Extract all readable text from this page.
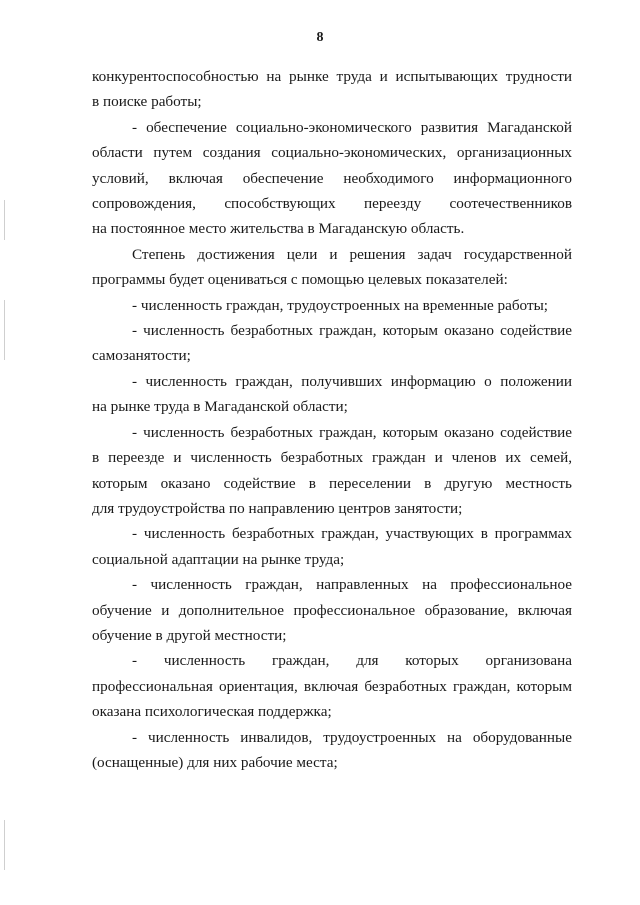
8

конкурентоспособностью на рынке труда и испытывающих трудности
в поиске работы;

- обеспечение социально-экономического развития Магаданской
области путем создания социально-экономических, организационных
условий, включая обеспечение необходимого информационного
сопровождения, способствующих переезду соотечественников
на постоянное место жительства в Магаданскую область.

Степень достижения цели и решения задач государственной
программы будет оцениваться с помощью целевых показателей:

- численность граждан, трудоустроенных на временные работы;

- численность безработных граждан, которым оказано содействие
самозанятости;

- численность граждан, получивших информацию о положении
на рынке труда в Магаданской области;

- численность безработных граждан, которым оказано содействие
в переезде и численность безработных граждан и членов их семей,
которым оказано содействие в переселении в другую местность
для трудоустройства по направлению центров занятости;

- численность безработных граждан, участвующих в программах
социальной адаптации на рынке труда;

- численность граждан, направленных на профессиональное
обучение и дополнительное профессиональное образование, включая
обучение в другой местности;

- численность граждан, для которых организована
профессиональная ориентация, включая безработных граждан, которым
оказана психологическая поддержка;

- численность инвалидов, трудоустроенных на оборудованные
(оснащенные) для них рабочие места;
